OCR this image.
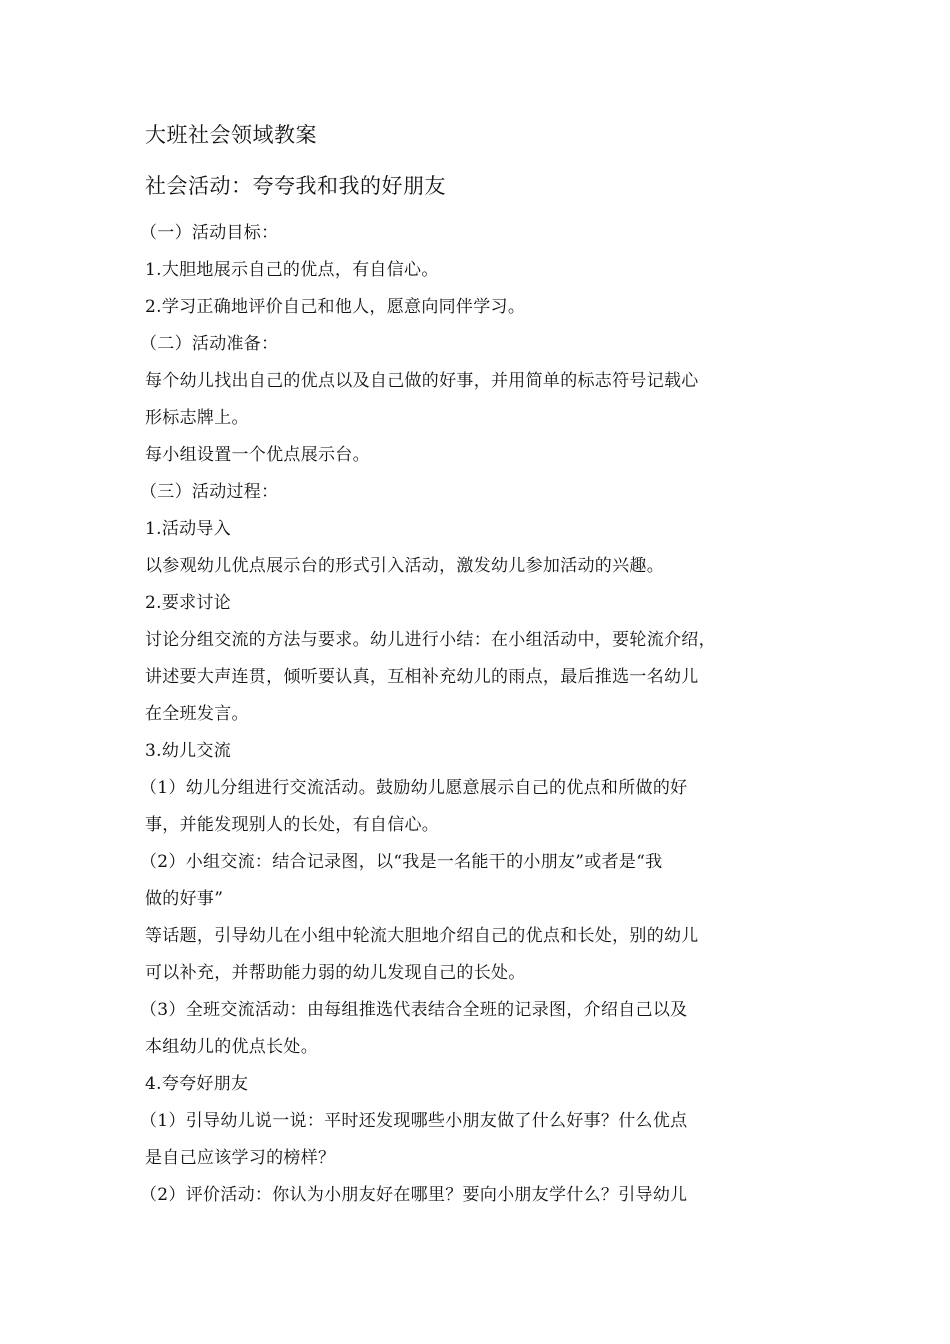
大班社会领域教案
社会活动：夸夸我和我的好朋友
（一）活动目标：
1.大胆地展示自己的优点，有自信心。
2.学习正确地评价自己和他人，愿意向同伴学习。
（二）活动准备：
每个幼儿找出自己的优点以及自己做的好事，并用简单的标志符号记载心
形标志牌上。
每小组设置一个优点展示台。
（三）活动过程：
1.活动导入
以参观幼儿优点展示台的形式引入活动，激发幼儿参加活动的兴趣。
2.要求讨论
讨论分组交流的方法与要求。幼儿进行小结：在小组活动中，要轮流介绍，
讲述要大声连贯，倾听要认真，互相补充幼儿的雨点，最后推选一名幼儿
在全班发言。
3.幼儿交流
（1）幼儿分组进行交流活动。鼓励幼儿愿意展示自己的优点和所做的好
事，并能发现别人的长处，有自信心。
（2）小组交流：结合记录图，以“我是一名能干的小朋友”或者是“我
做的好事”
等话题，引导幼儿在小组中轮流大胆地介绍自己的优点和长处，别的幼儿
可以补充，并帮助能力弱的幼儿发现自己的长处。
（3）全班交流活动：由每组推选代表结合全班的记录图，介绍自己以及
本组幼儿的优点长处。
4.夸夸好朋友
（1）引导幼儿说一说：平时还发现哪些小朋友做了什么好事？什么优点
是自己应该学习的榜样？
（2）评价活动：你认为小朋友好在哪里？要向小朋友学什么？引导幼儿
